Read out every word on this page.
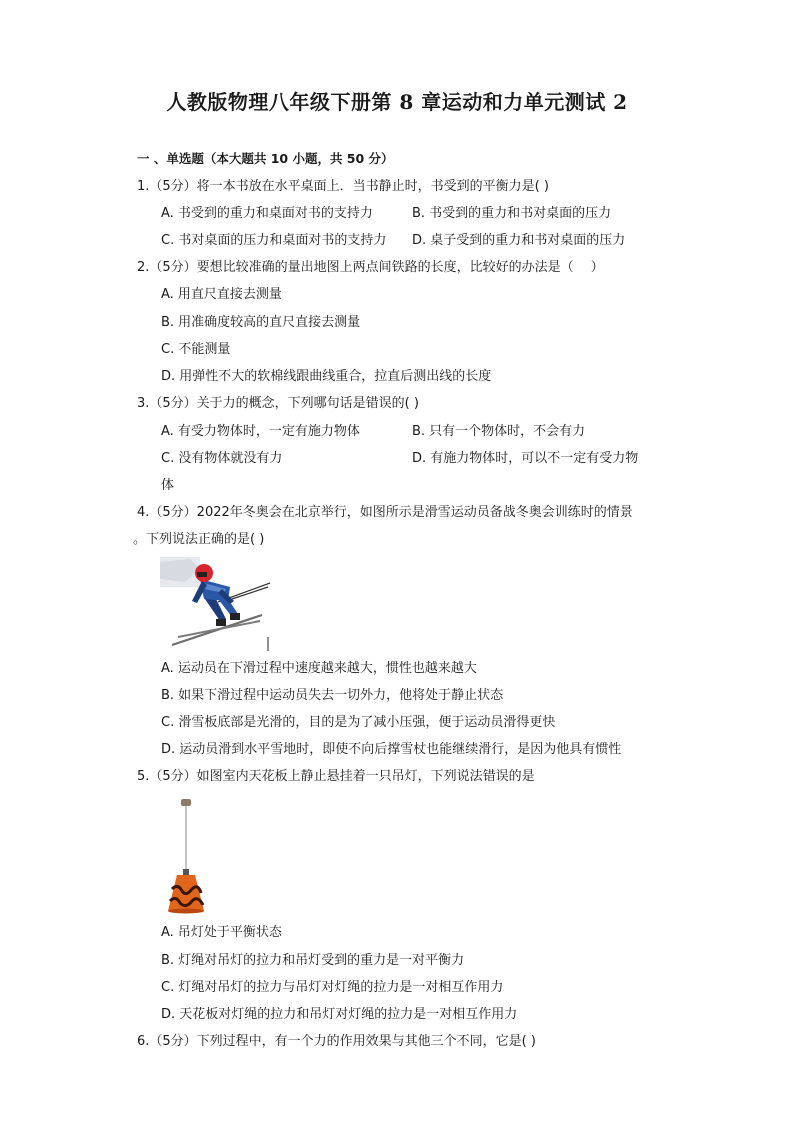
人教版物理八年级下册第 8 章运动和力单元测试 2
一 、单选题（本大题共 10 小题，共 50 分）
1.（5分）将一本书放在水平桌面上．当书静止时，书受到的平衡力是( )
A. 书受到的重力和桌面对书的支持力	B. 书受到的重力和书对桌面的压力
C. 书对桌面的压力和桌面对书的支持力 D. 桌子受到的重力和书对桌面的压力
2.（5分）要想比较准确的量出地图上两点间铁路的长度，比较好的办法是（　 ）
A. 用直尺直接去测量
B. 用准确度较高的直尺直接去测量
C. 不能测量
D. 用弹性不大的软棉线跟曲线重合，拉直后测出线的长度
3.（5分）关于力的概念，下列哪句话是错误的( )
A. 有受力物体时，一定有施力物体	B. 只有一个物体时，不会有力
C. 没有物体就没有力	D. 有施力物体时，可以不一定有受力物
体
4.（5分）2022年冬奥会在北京举行，如图所示是滑雪运动员备战冬奥会训练时的情景
。下列说法正确的是( )
A. 运动员在下滑过程中速度越来越大，惯性也越来越大
B. 如果下滑过程中运动员失去一切外力，他将处于静止状态
C. 滑雪板底部是光滑的，目的是为了减小压强，便于运动员滑得更快
D. 运动员滑到水平雪地时，即使不向后撑雪杖也能继续滑行，是因为他具有惯性
5.（5分）如图室内天花板上静止悬挂着一只吊灯，下列说法错误的是
A. 吊灯处于平衡状态
B. 灯绳对吊灯的拉力和吊灯受到的重力是一对平衡力
C. 灯绳对吊灯的拉力与吊灯对灯绳的拉力是一对相互作用力
D. 天花板对灯绳的拉力和吊灯对灯绳的拉力是一对相互作用力
6.（5分）下列过程中，有一个力的作用效果与其他三个不同，它是( )
